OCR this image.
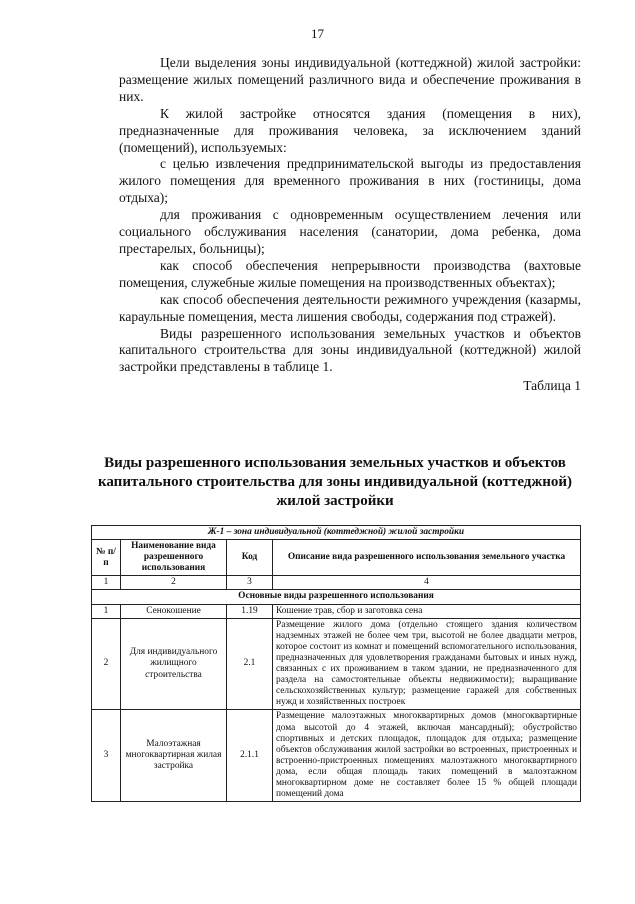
17

Цели выделения зоны индивидуальной (коттеджной) жилой застройки: размещение жилых помещений различного вида и обеспечение проживания в них.

К жилой застройке относятся здания (помещения в них), предназначенные для проживания человека, за исключением зданий (помещений), используемых:

с целью извлечения предпринимательской выгоды из предоставления жилого помещения для временного проживания в них (гостиницы, дома отдыха);

для проживания с одновременным осуществлением лечения или социального обслуживания населения (санатории, дома ребенка, дома престарелых, больницы);

как способ обеспечения непрерывности производства (вахтовые помещения, служебные жилые помещения на производственных объектах);

как способ обеспечения деятельности режимного учреждения (казармы, караульные помещения, места лишения свободы, содержания под стражей).

Виды разрешенного использования земельных участков и объектов капитального строительства для зоны индивидуальной (коттеджной) жилой застройки представлены в таблице 1.

Таблица 1

Виды разрешенного использования земельных участков и объектов капитального строительства для зоны индивидуальной (коттеджной) жилой застройки
Ж-1 – зона индивидуальной (коттеджной) жилой застройки			
№ п/п	Наименование вида разрешенного использования	Код	Описание вида разрешенного использования земельного участка
1	2	3	4
Основные виды разрешенного использования			
1	Сенокошение	1.19	Кошение трав, сбор и заготовка сена
2	Для индивидуального жилищного строительства	2.1	Размещение жилого дома (отдельно стоящего здания количеством надземных этажей не более чем три, высотой не более двадцати метров, которое состоит из комнат и помещений вспомогательного использования, предназначенных для удовлетворения гражданами бытовых и иных нужд, связанных с их проживанием в таком здании, не предназначенного для раздела на самостоятельные объекты недвижимости); выращивание сельскохозяйственных культур; размещение гаражей для собственных нужд и хозяйственных построек
3	Малоэтажная многоквартирная жилая застройка	2.1.1	Размещение малоэтажных многоквартирных домов (многоквартирные дома высотой до 4 этажей, включая мансардный); обустройство спортивных и детских площадок, площадок для отдыха; размещение объектов обслуживания жилой застройки во встроенных, пристроенных и встроенно-пристроенных помещениях малоэтажного многоквартирного дома, если общая площадь таких помещений в малоэтажном многоквартирном доме не составляет более 15 % общей площади помещений дома
